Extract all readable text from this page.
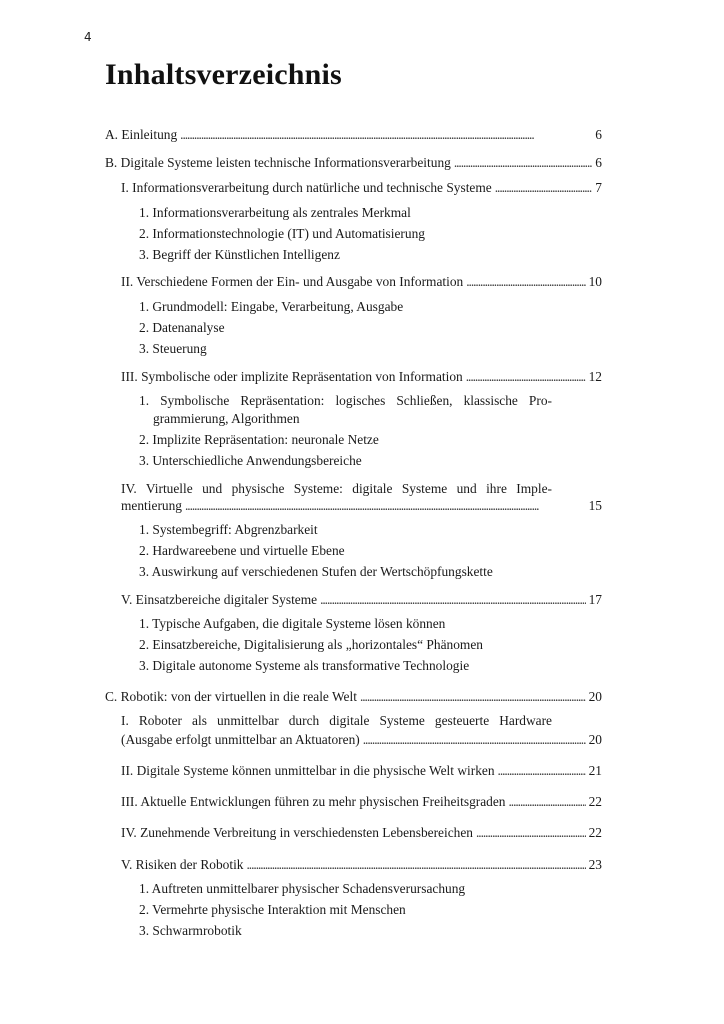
4
Inhaltsverzeichnis
A. Einleitung . . .	6
B. Digitale Systeme leisten technische Informationsverarbeitung . . .	6
I. Informationsverarbeitung durch natürliche und technische Systeme . . .	7
1. Informationsverarbeitung als zentrales Merkmal
2. Informationstechnologie (IT) und Automatisierung
3. Begriff der Künstlichen Intelligenz
II. Verschiedene Formen der Ein- und Ausgabe von Information . . .	10
1. Grundmodell: Eingabe, Verarbeitung, Ausgabe
2. Datenanalyse
3. Steuerung
III. Symbolische oder implizite Repräsentation von Information . . .	12
1. Symbolische Repräsentation: logisches Schließen, klassische Pro-
grammierung, Algorithmen
2. Implizite Repräsentation: neuronale Netze
3. Unterschiedliche Anwendungsbereiche
IV. Virtuelle und physische Systeme: digitale Systeme und ihre Imple-
mentierung . . .	15
1. Systembegriff: Abgrenzbarkeit
2. Hardwareebene und virtuelle Ebene
3. Auswirkung auf verschiedenen Stufen der Wertschöpfungskette
V. Einsatzbereiche digitaler Systeme . . .	17
1. Typische Aufgaben, die digitale Systeme lösen können
2. Einsatzbereiche, Digitalisierung als „horizontales“ Phänomen
3. Digitale autonome Systeme als transformative Technologie
C. Robotik: von der virtuellen in die reale Welt . . .	20
I. Roboter als unmittelbar durch digitale Systeme gesteuerte Hardware
(Ausgabe erfolgt unmittelbar an Aktuatoren) . . .	20
II. Digitale Systeme können unmittelbar in die physische Welt wirken . . .	21
III. Aktuelle Entwicklungen führen zu mehr physischen Freiheitsgraden . . .	22
IV. Zunehmende Verbreitung in verschiedensten Lebensbereichen . . .	22
V. Risiken der Robotik . . .	23
1. Auftreten unmittelbarer physischer Schadensverursachung
2. Vermehrte physische Interaktion mit Menschen
3. Schwarmrobotik
